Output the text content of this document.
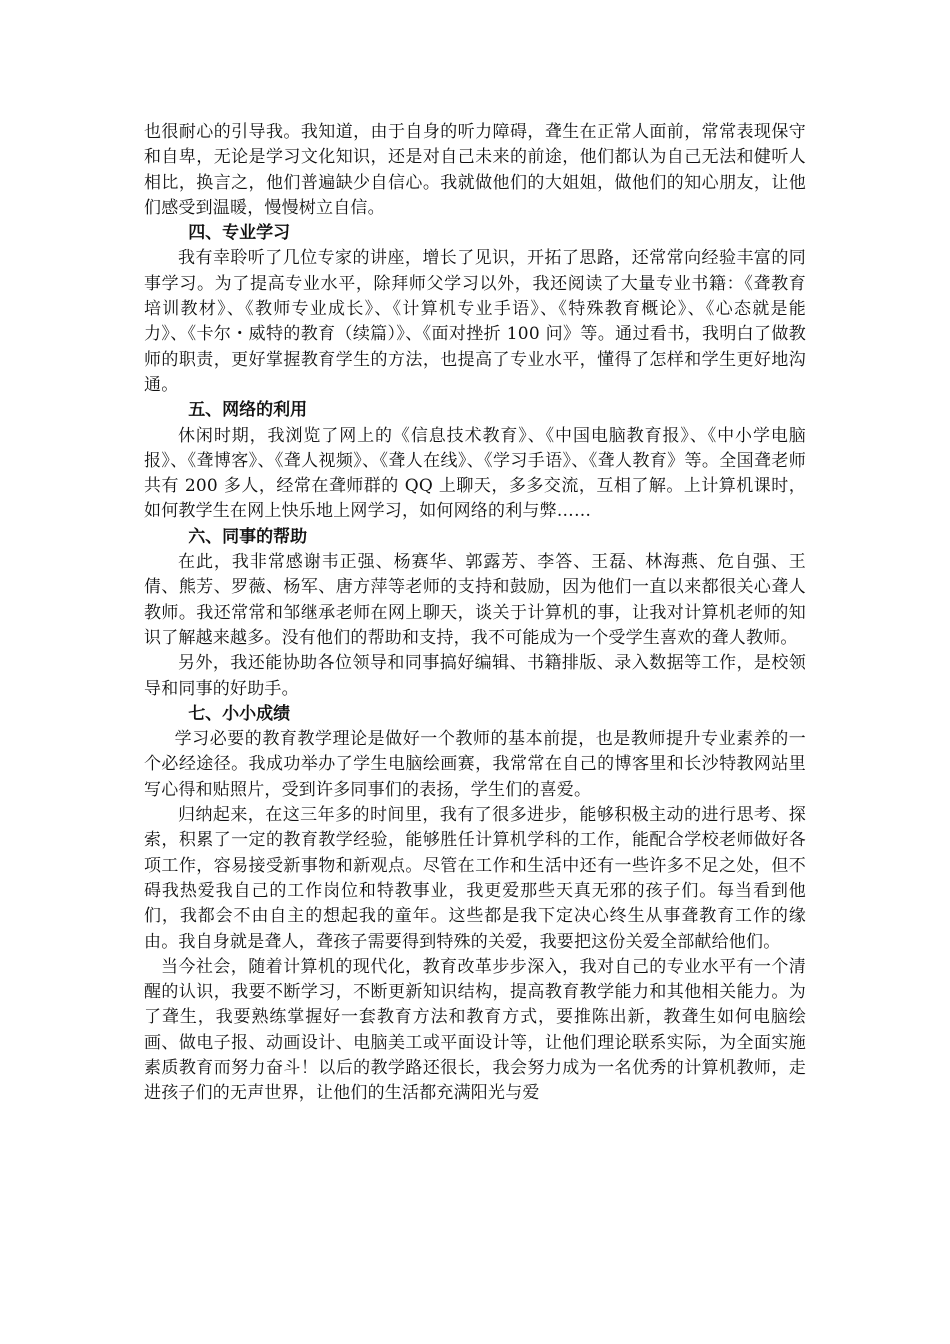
也很耐心的引导我。我知道，由于自身的听力障碍，聋生在正常人面前，常常表现保守和自卑，无论是学习文化知识，还是对自己未来的前途，他们都认为自己无法和健听人相比，换言之，他们普遍缺少自信心。我就做他们的大姐姐，做他们的知心朋友，让他们感受到温暖，慢慢树立自信。

四、专业学习

我有幸聆听了几位专家的讲座，增长了见识，开拓了思路，还常常向经验丰富的同事学习。为了提高专业水平，除拜师父学习以外，我还阅读了大量专业书籍：《聋教育培训教材》、《教师专业成长》、《计算机专业手语》、《特殊教育概论》、《心态就是能力》、《卡尔・威特的教育（续篇）》、《面对挫折 100 问》等。通过看书，我明白了做教师的职责，更好掌握教育学生的方法，也提高了专业水平，懂得了怎样和学生更好地沟通。

五、网络的利用

休闲时期，我浏览了网上的《信息技术教育》、《中国电脑教育报》、《中小学电脑报》、《聋博客》、《聋人视频》、《聋人在线》、《学习手语》、《聋人教育》等。全国聋老师共有 200 多人，经常在聋师群的 QQ 上聊天，多多交流，互相了解。上计算机课时，如何教学生在网上快乐地上网学习，如何网络的利与弊……

六、同事的帮助

在此，我非常感谢韦正强、杨赛华、郭露芳、李答、王磊、林海燕、危自强、王倩、熊芳、罗薇、杨军、唐方萍等老师的支持和鼓励，因为他们一直以来都很关心聋人教师。我还常常和邹继承老师在网上聊天，谈关于计算机的事，让我对计算机老师的知识了解越来越多。没有他们的帮助和支持，我不可能成为一个受学生喜欢的聋人教师。

另外，我还能协助各位领导和同事搞好编辑、书籍排版、录入数据等工作，是校领导和同事的好助手。

七、小小成绩

学习必要的教育教学理论是做好一个教师的基本前提，也是教师提升专业素养的一个必经途径。我成功举办了学生电脑绘画赛，我常常在自己的博客里和长沙特教网站里写心得和贴照片，受到许多同事们的表扬，学生们的喜爱。

归纳起来，在这三年多的时间里，我有了很多进步，能够积极主动的进行思考、探索，积累了一定的教育教学经验，能够胜任计算机学科的工作，能配合学校老师做好各项工作，容易接受新事物和新观点。尽管在工作和生活中还有一些许多不足之处，但不碍我热爱我自己的工作岗位和特教事业，我更爱那些天真无邪的孩子们。每当看到他们，我都会不由自主的想起我的童年。这些都是我下定决心终生从事聋教育工作的缘由。我自身就是聋人，聋孩子需要得到特殊的关爱，我要把这份关爱全部献给他们。

当今社会，随着计算机的现代化，教育改革步步深入，我对自己的专业水平有一个清醒的认识，我要不断学习，不断更新知识结构，提高教育教学能力和其他相关能力。为了聋生，我要熟练掌握好一套教育方法和教育方式，要推陈出新，教聋生如何电脑绘画、做电子报、动画设计、电脑美工或平面设计等，让他们理论联系实际，为全面实施素质教育而努力奋斗！以后的教学路还很长，我会努力成为一名优秀的计算机教师，走进孩子们的无声世界，让他们的生活都充满阳光与爱
